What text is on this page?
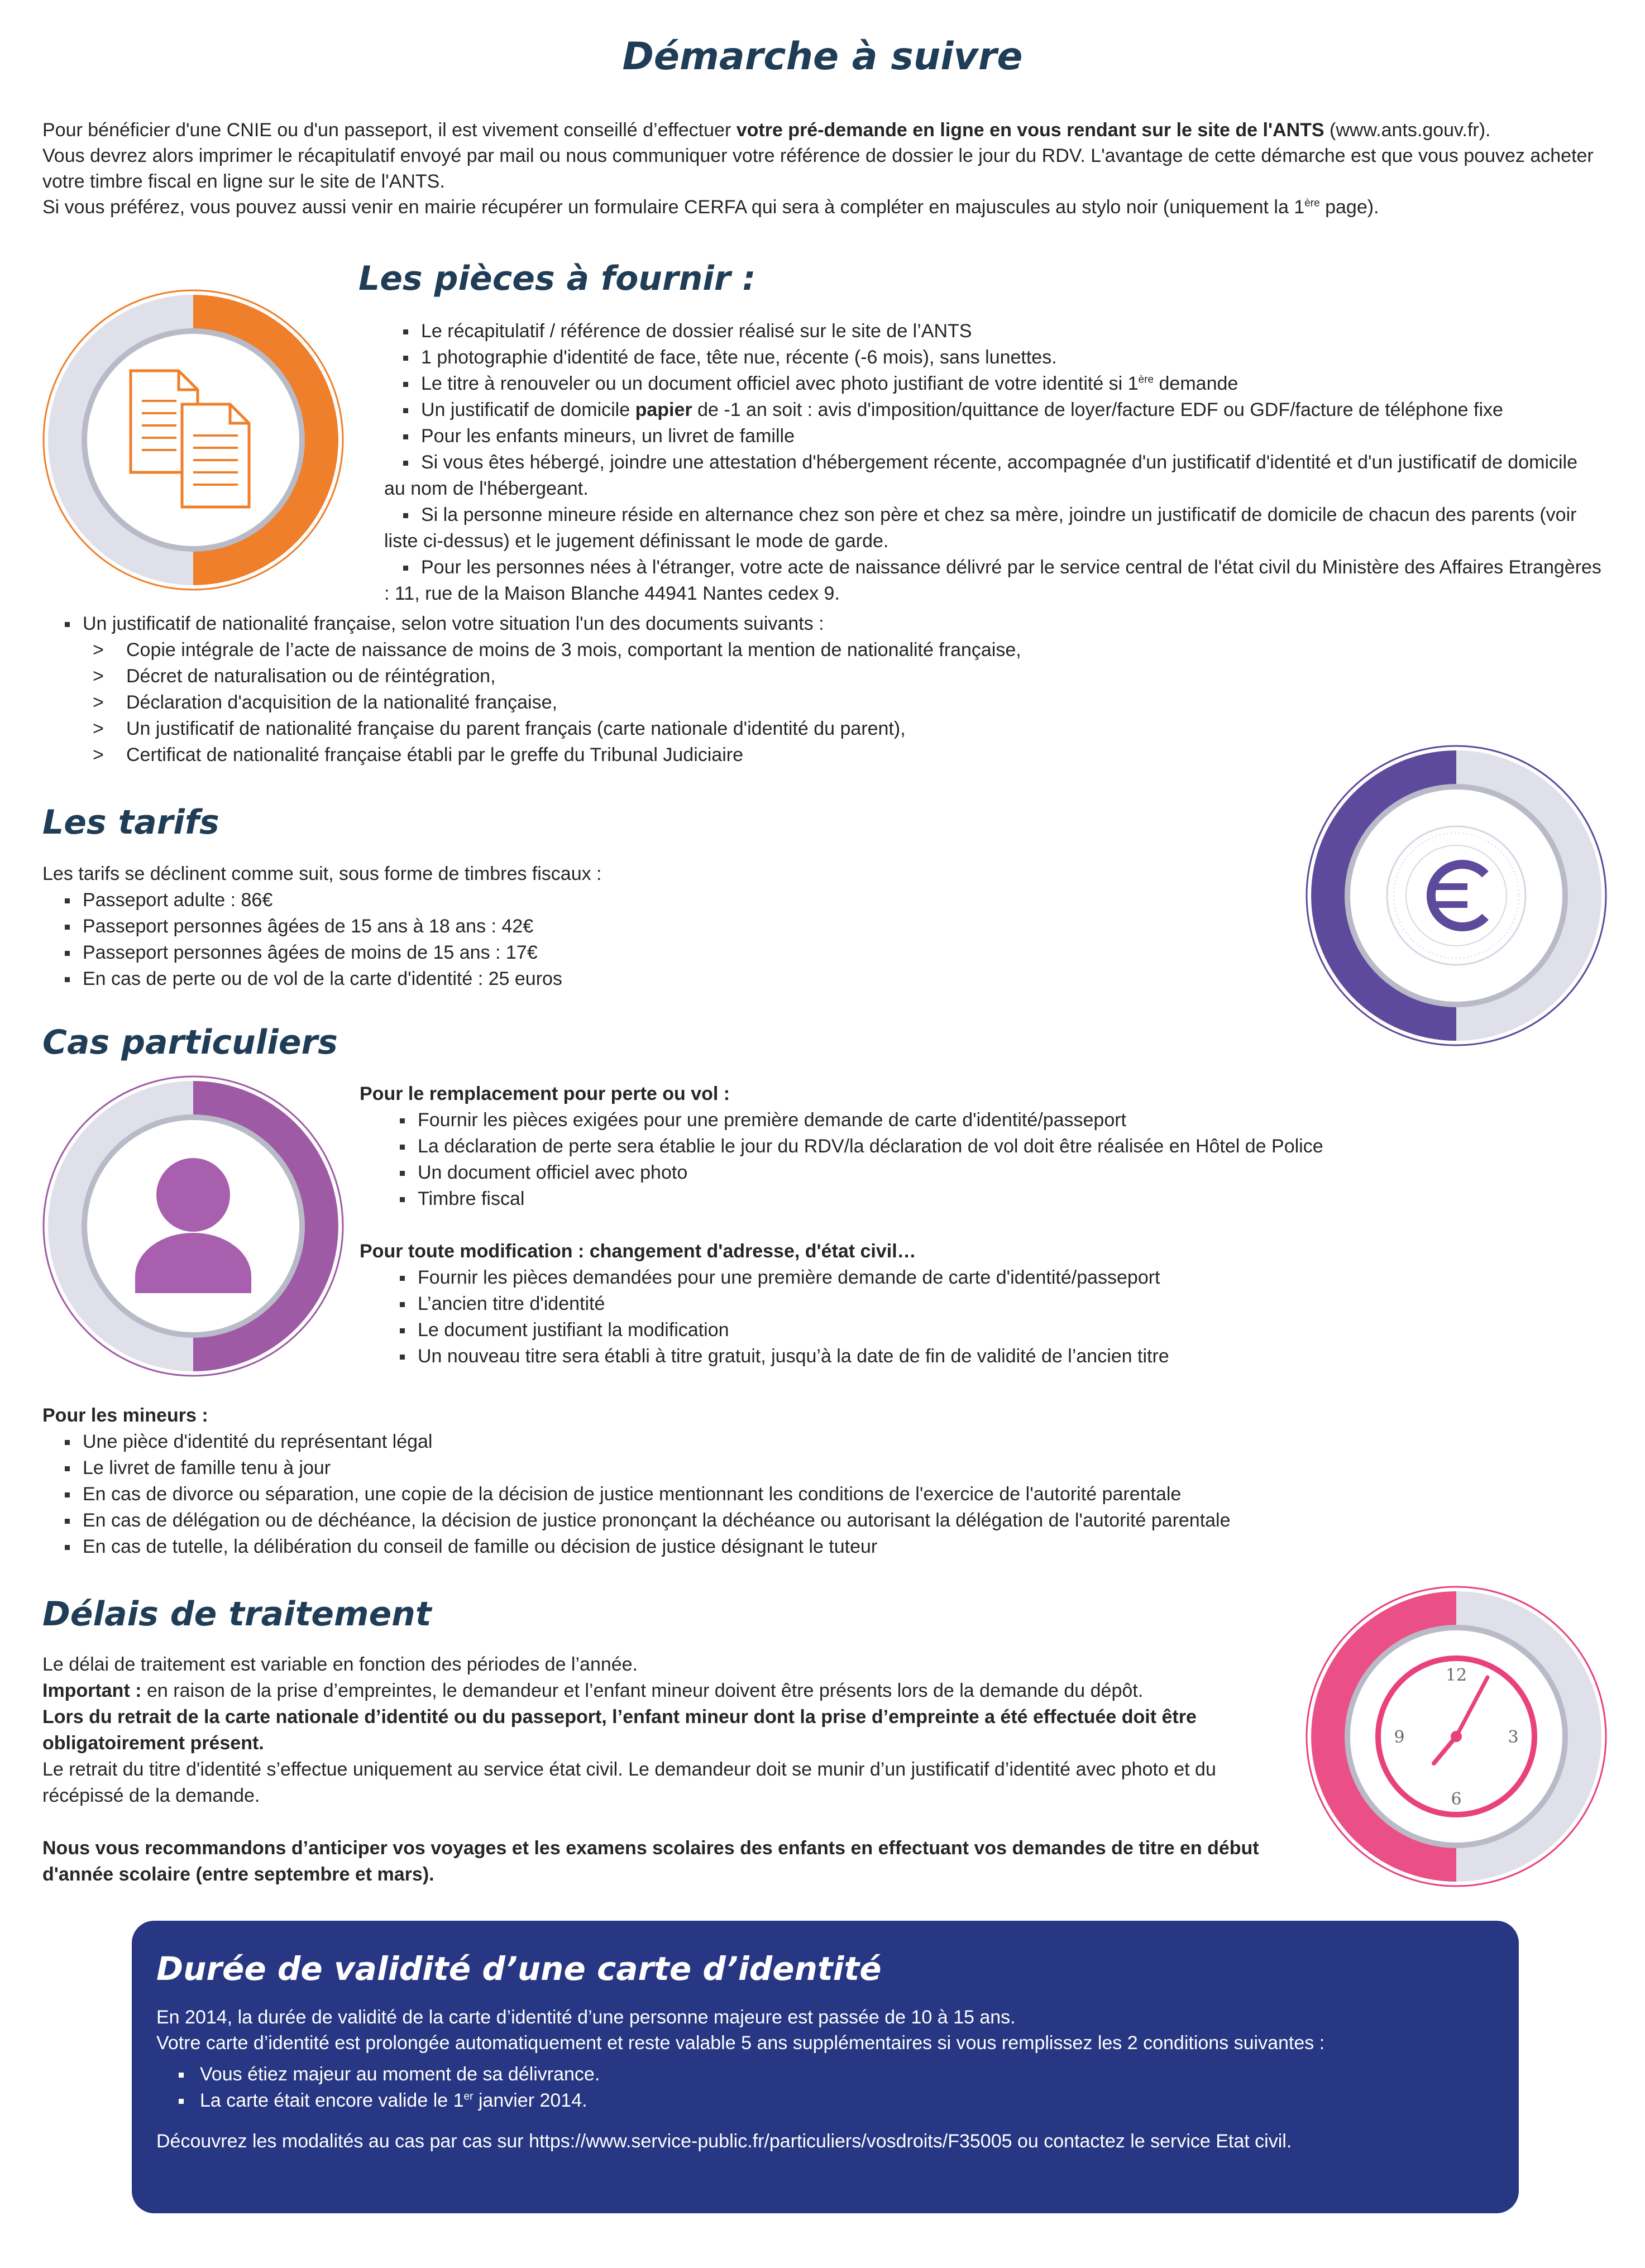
Démarche à suivre
Pour bénéficier d'une CNIE ou d'un passeport, il est vivement conseillé d’effectuer votre pré-demande en ligne en vous rendant sur le site de l'ANTS (www.ants.gouv.fr).
Vous devrez alors imprimer le récapitulatif envoyé par mail ou nous communiquer votre référence de dossier le jour du RDV. L'avantage de cette démarche est que vous pouvez acheter votre timbre fiscal en ligne sur le site de l'ANTS.
Si vous préférez, vous pouvez aussi venir en mairie récupérer un formulaire CERFA qui sera à compléter en majuscules au stylo noir (uniquement la 1ère page).
Les pièces à fournir :
Le récapitulatif / référence de dossier réalisé sur le site de l’ANTS
1 photographie d'identité de face, tête nue, récente (-6 mois), sans lunettes.
Le titre à renouveler ou un document officiel avec photo justifiant de votre identité si 1ère demande
Un justificatif de domicile papier de -1 an soit : avis d'imposition/quittance de loyer/facture EDF ou GDF/facture de téléphone fixe
Pour les enfants mineurs, un livret de famille
Si vous êtes hébergé, joindre une attestation d'hébergement récente, accompagnée d'un justificatif d'identité et d'un justificatif de domicile au nom de l'hébergeant.
Si la personne mineure réside en alternance chez son père et chez sa mère, joindre un justificatif de domicile de chacun des parents (voir liste ci-dessus) et le jugement définissant le mode de garde.
Pour les personnes nées à l'étranger, votre acte de naissance délivré par le service central de l'état civil du Ministère des Affaires Etrangères : 11, rue de la Maison Blanche 44941 Nantes cedex 9.
Un justificatif de nationalité française, selon votre situation l'un des documents suivants :
> Copie intégrale de l’acte de naissance de moins de 3 mois, comportant la mention de nationalité française,
> Décret de naturalisation ou de réintégration,
> Déclaration d'acquisition de la nationalité française,
> Un justificatif de nationalité française du parent français (carte nationale d'identité du parent),
> Certificat de nationalité française établi par le greffe du Tribunal Judiciaire
Les tarifs
Les tarifs se déclinent comme suit, sous forme de timbres fiscaux :
Passeport adulte : 86€
Passeport personnes âgées de 15 ans à 18 ans : 42€
Passeport personnes âgées de moins de 15 ans : 17€
En cas de perte ou de vol de la carte d'identité : 25 euros
Cas particuliers
Pour le remplacement pour perte ou vol :
Fournir les pièces exigées pour une première demande de carte d'identité/passeport
La déclaration de perte sera établie le jour du RDV/la déclaration de vol doit être réalisée en Hôtel de Police
Un document officiel avec photo
Timbre fiscal
Pour toute modification : changement d'adresse, d'état civil…
Fournir les pièces demandées pour une première demande de carte d'identité/passeport
L’ancien titre d'identité
Le document justifiant la modification
Un nouveau titre sera établi à titre gratuit, jusqu’à la date de fin de validité de l’ancien titre
Pour les mineurs :
Une pièce d'identité du représentant légal
Le livret de famille tenu à jour
En cas de divorce ou séparation, une copie de la décision de justice mentionnant les conditions de l'exercice de l'autorité parentale
En cas de délégation ou de déchéance, la décision de justice prononçant la déchéance ou autorisant la délégation de l'autorité parentale
En cas de tutelle, la délibération du conseil de famille ou décision de justice désignant le tuteur
Délais de traitement
Le délai de traitement est variable en fonction des périodes de l’année.
Important : en raison de la prise d’empreintes, le demandeur et l’enfant mineur doivent être présents lors de la demande du dépôt.
Lors du retrait de la carte nationale d’identité ou du passeport, l’enfant mineur dont la prise d’empreinte a été effectuée doit être obligatoirement présent.
Le retrait du titre d'identité s’effectue uniquement au service état civil. Le demandeur doit se munir d’un justificatif d’identité avec photo et du récépissé de la demande.
Nous vous recommandons d’anticiper vos voyages et les examens scolaires des enfants en effectuant vos demandes de titre en début d'année scolaire (entre septembre et mars).
12
3
6
9
Durée de validité d’une carte d’identité
En 2014, la durée de validité de la carte d’identité d’une personne majeure est passée de 10 à 15 ans.
Votre carte d’identité est prolongée automatiquement et reste valable 5 ans supplémentaires si vous remplissez les 2 conditions suivantes :
Vous étiez majeur au moment de sa délivrance.
La carte était encore valide le 1er janvier 2014.
Découvrez les modalités au cas par cas sur https://www.service-public.fr/particuliers/vosdroits/F35005 ou contactez le service Etat civil.
